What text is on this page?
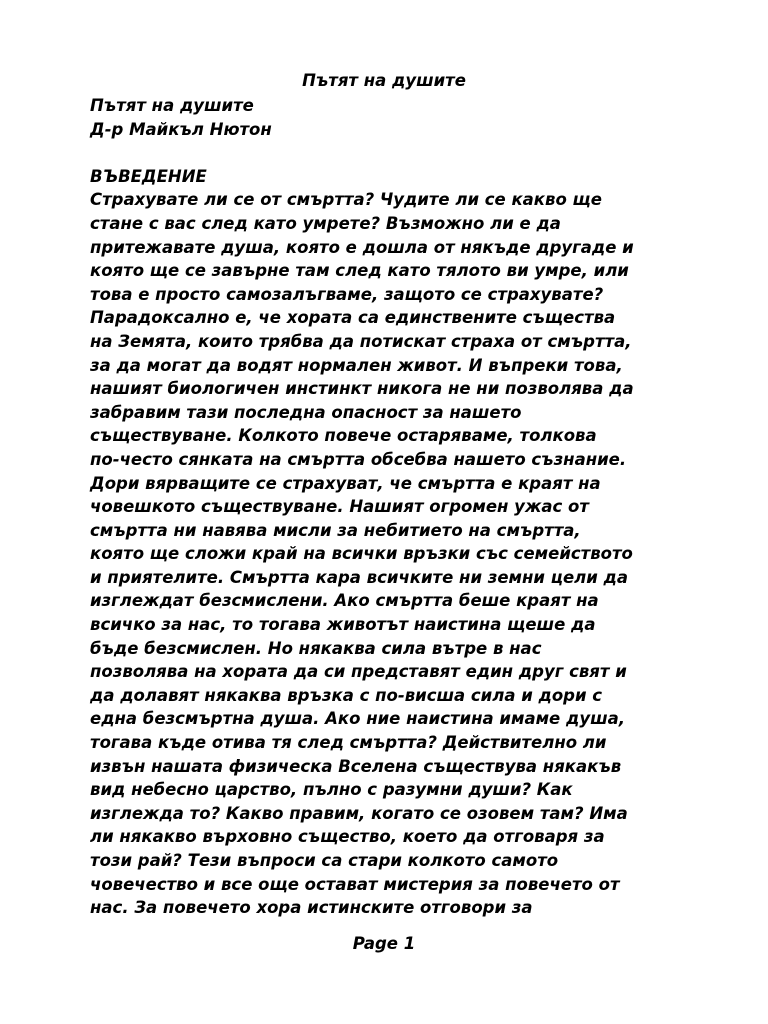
Пътят на душите
Пътят на душите
Д-р Майкъл Нютон
ВЪВЕДЕНИЕ
Страхувате ли се от смъртта? Чудите ли се какво ще
стане с вас след като умрете? Възможно ли е да
притежавате душа, която е дошла от някъде другаде и
която ще се завърне там след като тялото ви умре, или
това е просто самозалъгваме, защото се страхувате?
Парадоксално е, че хората са единствените същества
на Земята, които трябва да потискат страха от смъртта,
за да могат да водят нормален живот. И въпреки това,
нашият биологичен инстинкт никога не ни позволява да
забравим тази последна опасност за нашето
съществуване. Колкото повече остаряваме, толкова
по-често сянката на смъртта обсебва нашето съзнание.
Дори вярващите се страхуват, че смъртта е краят на
човешкото съществуване. Нашият огромен ужас от
смъртта ни навява мисли за небитието на смъртта,
която ще сложи край на всички връзки със семейството
и приятелите. Смъртта кара всичките ни земни цели да
изглеждат безсмислени. Ако смъртта беше краят на
всичко за нас, то тогава животът наистина щеше да
бъде безсмислен. Но някаква сила вътре в нас
позволява на хората да си представят един друг свят и
да долавят някаква връзка с по-висша сила и дори с
една безсмъртна душа. Ако ние наистина имаме душа,
тогава къде отива тя след смъртта? Действително ли
извън нашата физическа Вселена съществува някакъв
вид небесно царство, пълно с разумни души? Как
изглежда то? Какво правим, когато се озовем там? Има
ли някакво върховно същество, което да отговаря за
този рай? Тези въпроси са стари колкото самото
човечество и все още остават мистерия за повечето от
нас. За повечето хора истинските отговори за
Page 1
